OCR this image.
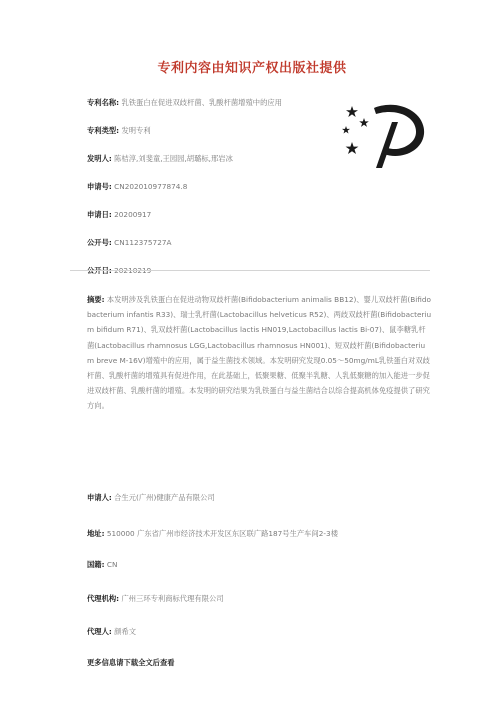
专利内容由知识产权出版社提供
专利名称: 乳铁蛋白在促进双歧杆菌、乳酸杆菌增殖中的应用
专利类型: 发明专利
发明人: 陈桔淳,刘斐童,王园园,胡璐标,邢岩冰
申请号: CN202010977874.8
申请日: 20200917
公开号: CN112375727A
摘要: 本发明涉及乳铁蛋白在促进动物双歧杆菌(Bifidobacterium animalis BB12)、婴儿双歧杆菌(Bifidobacterium infantis R33)、瑞士乳杆菌(Lactobacillus helveticus R52)、两歧双歧杆菌(Bifidobacterium bifidum R71)、乳双歧杆菌(Lactobacillus lactis HN019,Lactobacillus lactis Bi-07)、鼠李糖乳杆菌(Lactobacillus rhamnosus LGG,Lactobacillus rhamnosus HN001)、短双歧杆菌(Bifidobacterium breve M-16V)增殖中的应用，属于益生菌技术领域。本发明研究发现0.05～50mg/mL乳铁蛋白对双歧杆菌、乳酸杆菌的增殖具有促进作用，在此基础上，低聚果糖、低聚半乳糖、人乳低聚糖的加入能进一步促进双歧杆菌、乳酸杆菌的增殖。本发明的研究结果为乳铁蛋白与益生菌结合以综合提高机体免疫提供了研究方向。
申请人: 合生元(广州)健康产品有限公司
地址: 510000 广东省广州市经济技术开发区东区联广路187号生产车间2-3楼
国籍: CN
代理机构: 广州三环专利商标代理有限公司
代理人: 颜希文
更多信息请下载全文后查看
